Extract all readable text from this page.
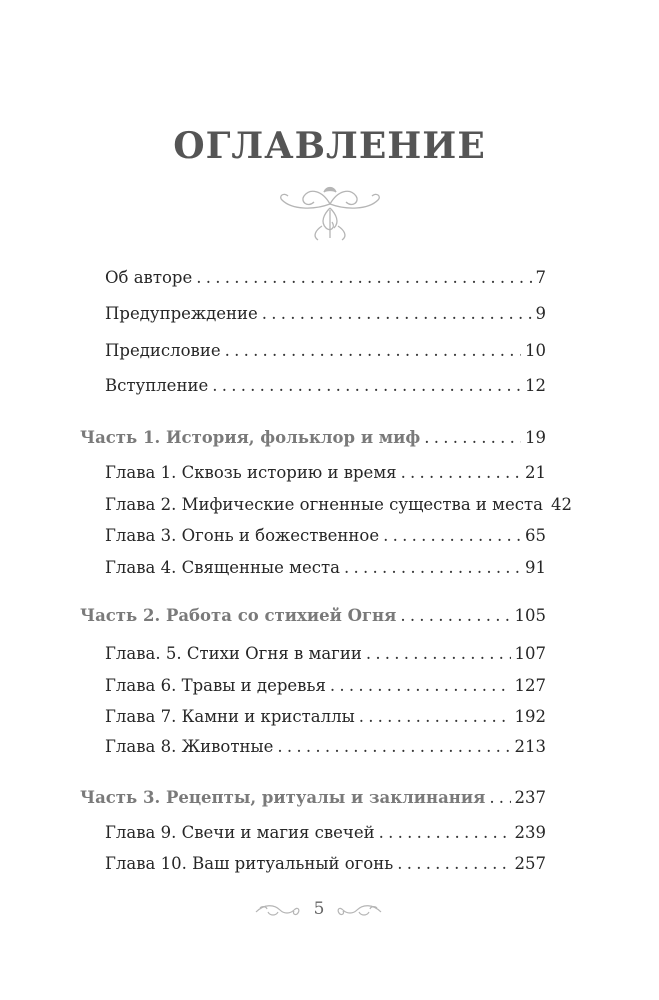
ОГЛАВЛЕНИЕ
Об авторе . . .	7
Предупреждение . . .	9
Предисловие . . .	10
Вступление . . .	12
Часть 1. История, фольклор и миф . . .	19
Глава 1. Сквозь историю и время . . .	21
Глава 2. Мифические огненные существа и места 42
Глава 3. Огонь и божественное . . .	65
Глава 4. Священные места . . .	91
Часть 2. Работа со стихией Огня . . .	105
Глава. 5. Стихи Огня в магии . . .	107
Глава 6. Травы и деревья . . .	127
Глава 7. Камни и кристаллы . . .	192
Глава 8. Животные . . .	213
Часть 3. Рецепты, ритуалы и заклинания . . . 237
Глава 9. Свечи и магия свечей . . .	239
Глава 10. Ваш ритуальный огонь . . .	257
5
